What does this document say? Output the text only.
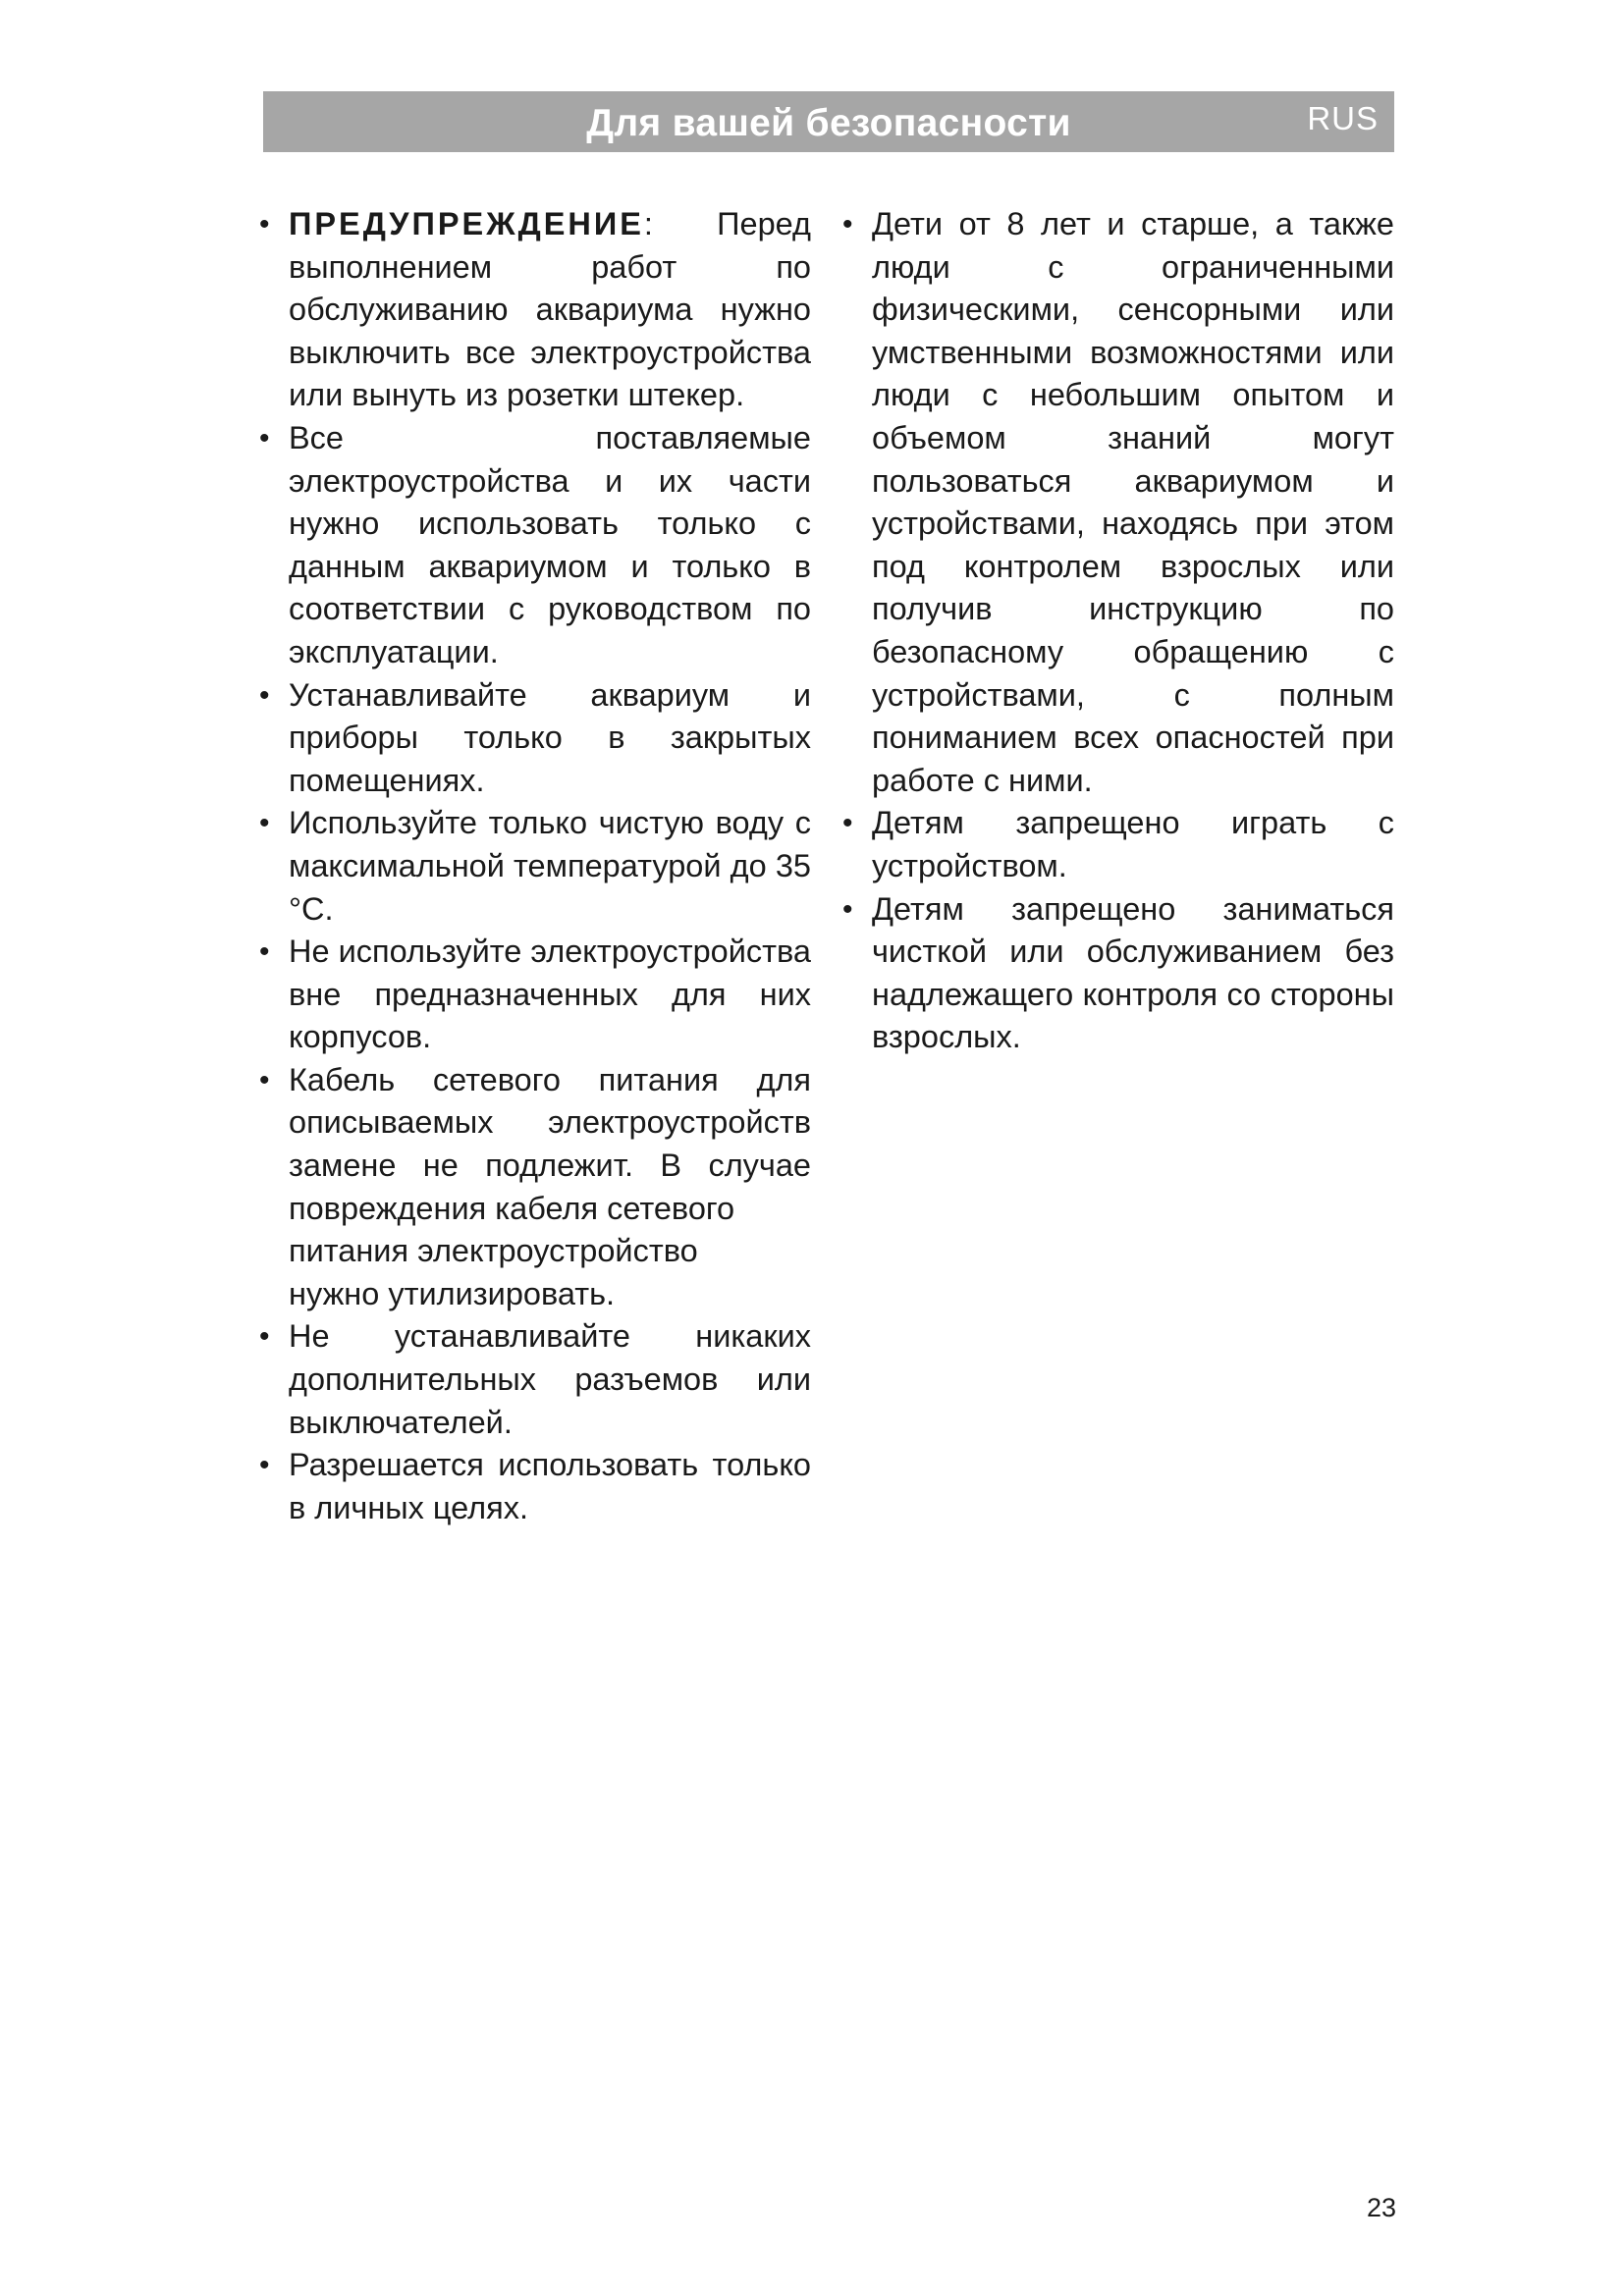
Для вашей безопасности	RUS
• ПРЕДУПРЕЖДЕНИЕ: Перед выполнением работ по обслуживанию аквариума нужно выключить все электроустройства или вынуть из розетки штекер.
• Все поставляемые электроустройства и их части нужно использовать только с данным аквариумом и только в соответствии с руководством по эксплуатации.
• Устанавливайте аквариум и приборы только в закрытых помещениях.
• Используйте только чистую воду с максимальной температурой до 35 °C.
• Не используйте электроустройства вне предназначенных для них корпусов.
• Кабель сетевого питания для описываемых электроустройств замене не подлежит. В случае повреждения кабеля сетевого
питания электроустройство
нужно утилизировать.
• Не устанавливайте никаких дополнительных разъемов или выключателей.
• Разрешается использовать только в личных целях.
• Дети от 8 лет и старше, а также люди с ограниченными физическими, сенсорными или умственными возможностями или люди с небольшим опытом и объемом знаний могут пользоваться аквариумом и устройствами, находясь при этом под контролем взрослых или получив инструкцию по безопасному обращению с устройствами, с полным пониманием всех опасностей при работе с ними.
• Детям запрещено играть с устройством.
• Детям запрещено заниматься чисткой или обслуживанием без надлежащего контроля со стороны взрослых.
23
